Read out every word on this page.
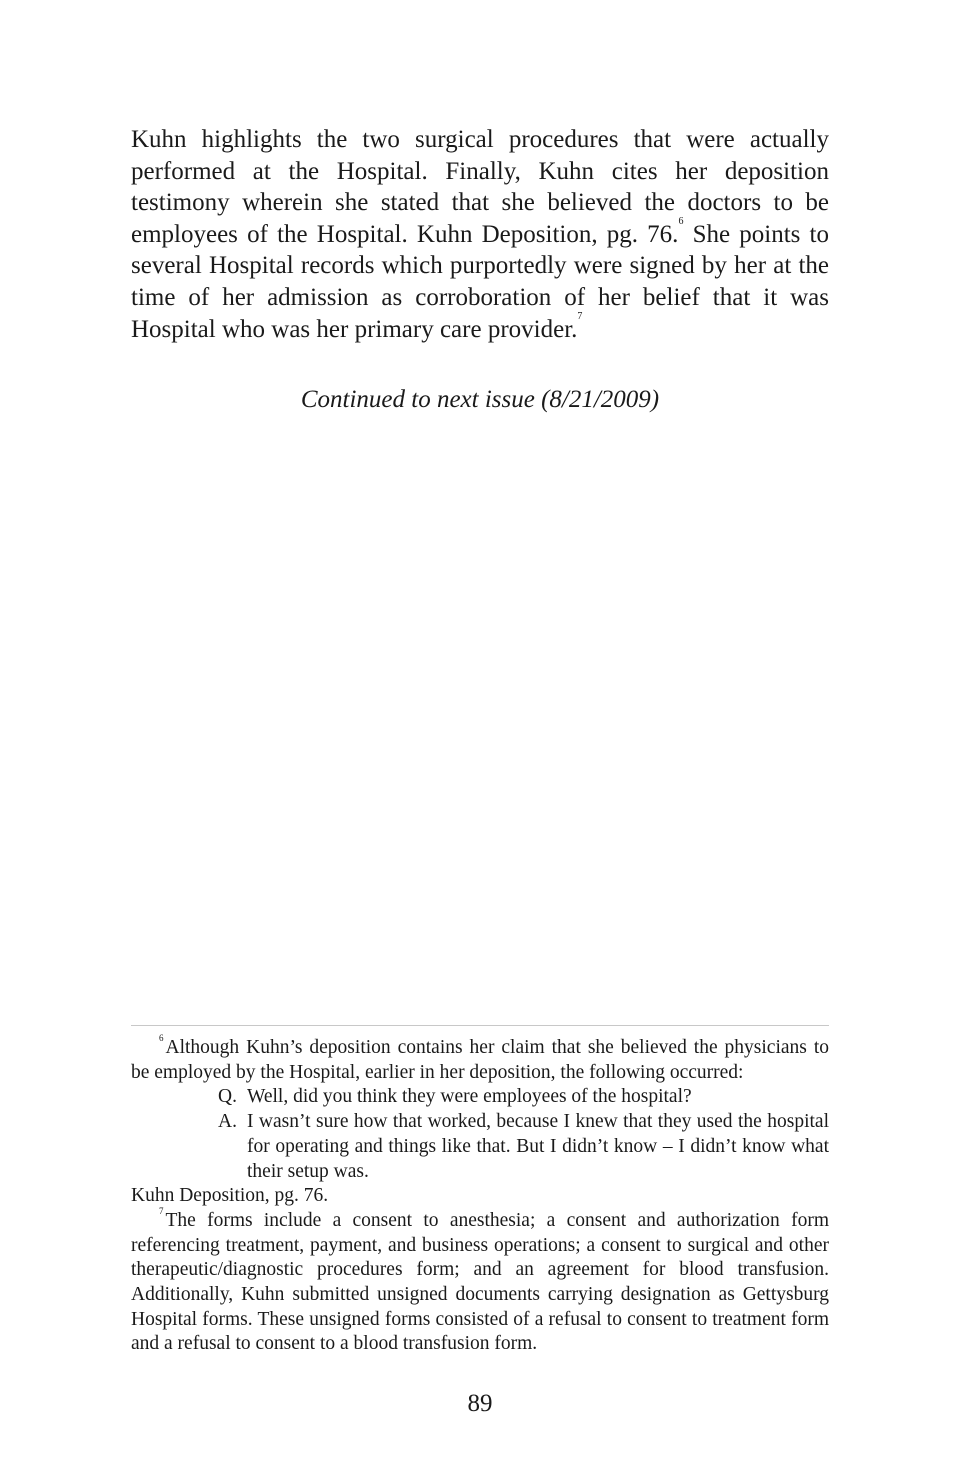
Kuhn highlights the two surgical procedures that were actually performed at the Hospital. Finally, Kuhn cites her deposition testimony wherein she stated that she believed the doctors to be employees of the Hospital. Kuhn Deposition, pg. 76.$^6$ She points to several Hospital records which purportedly were signed by her at the time of her admission as corroboration of her belief that it was Hospital who was her primary care provider.$^7$

Continued to next issue (8/21/2009)

$^6$ Although Kuhn’s deposition contains her claim that she believed the physicians to be employed by the Hospital, earlier in her deposition, the following occurred:

Q. Well, did you think they were employees of the hospital?
A. I wasn’t sure how that worked, because I knew that they used the hospital for operating and things like that. But I didn’t know – I didn’t know what their setup was.

Kuhn Deposition, pg. 76.

$^7$ The forms include a consent to anesthesia; a consent and authorization form referencing treatment, payment, and business operations; a consent to surgical and other therapeutic/diagnostic procedures form; and an agreement for blood transfusion. Additionally, Kuhn submitted unsigned documents carrying designation as Gettysburg Hospital forms. These unsigned forms consisted of a refusal to consent to treatment form and a refusal to consent to a blood transfusion form.

89
